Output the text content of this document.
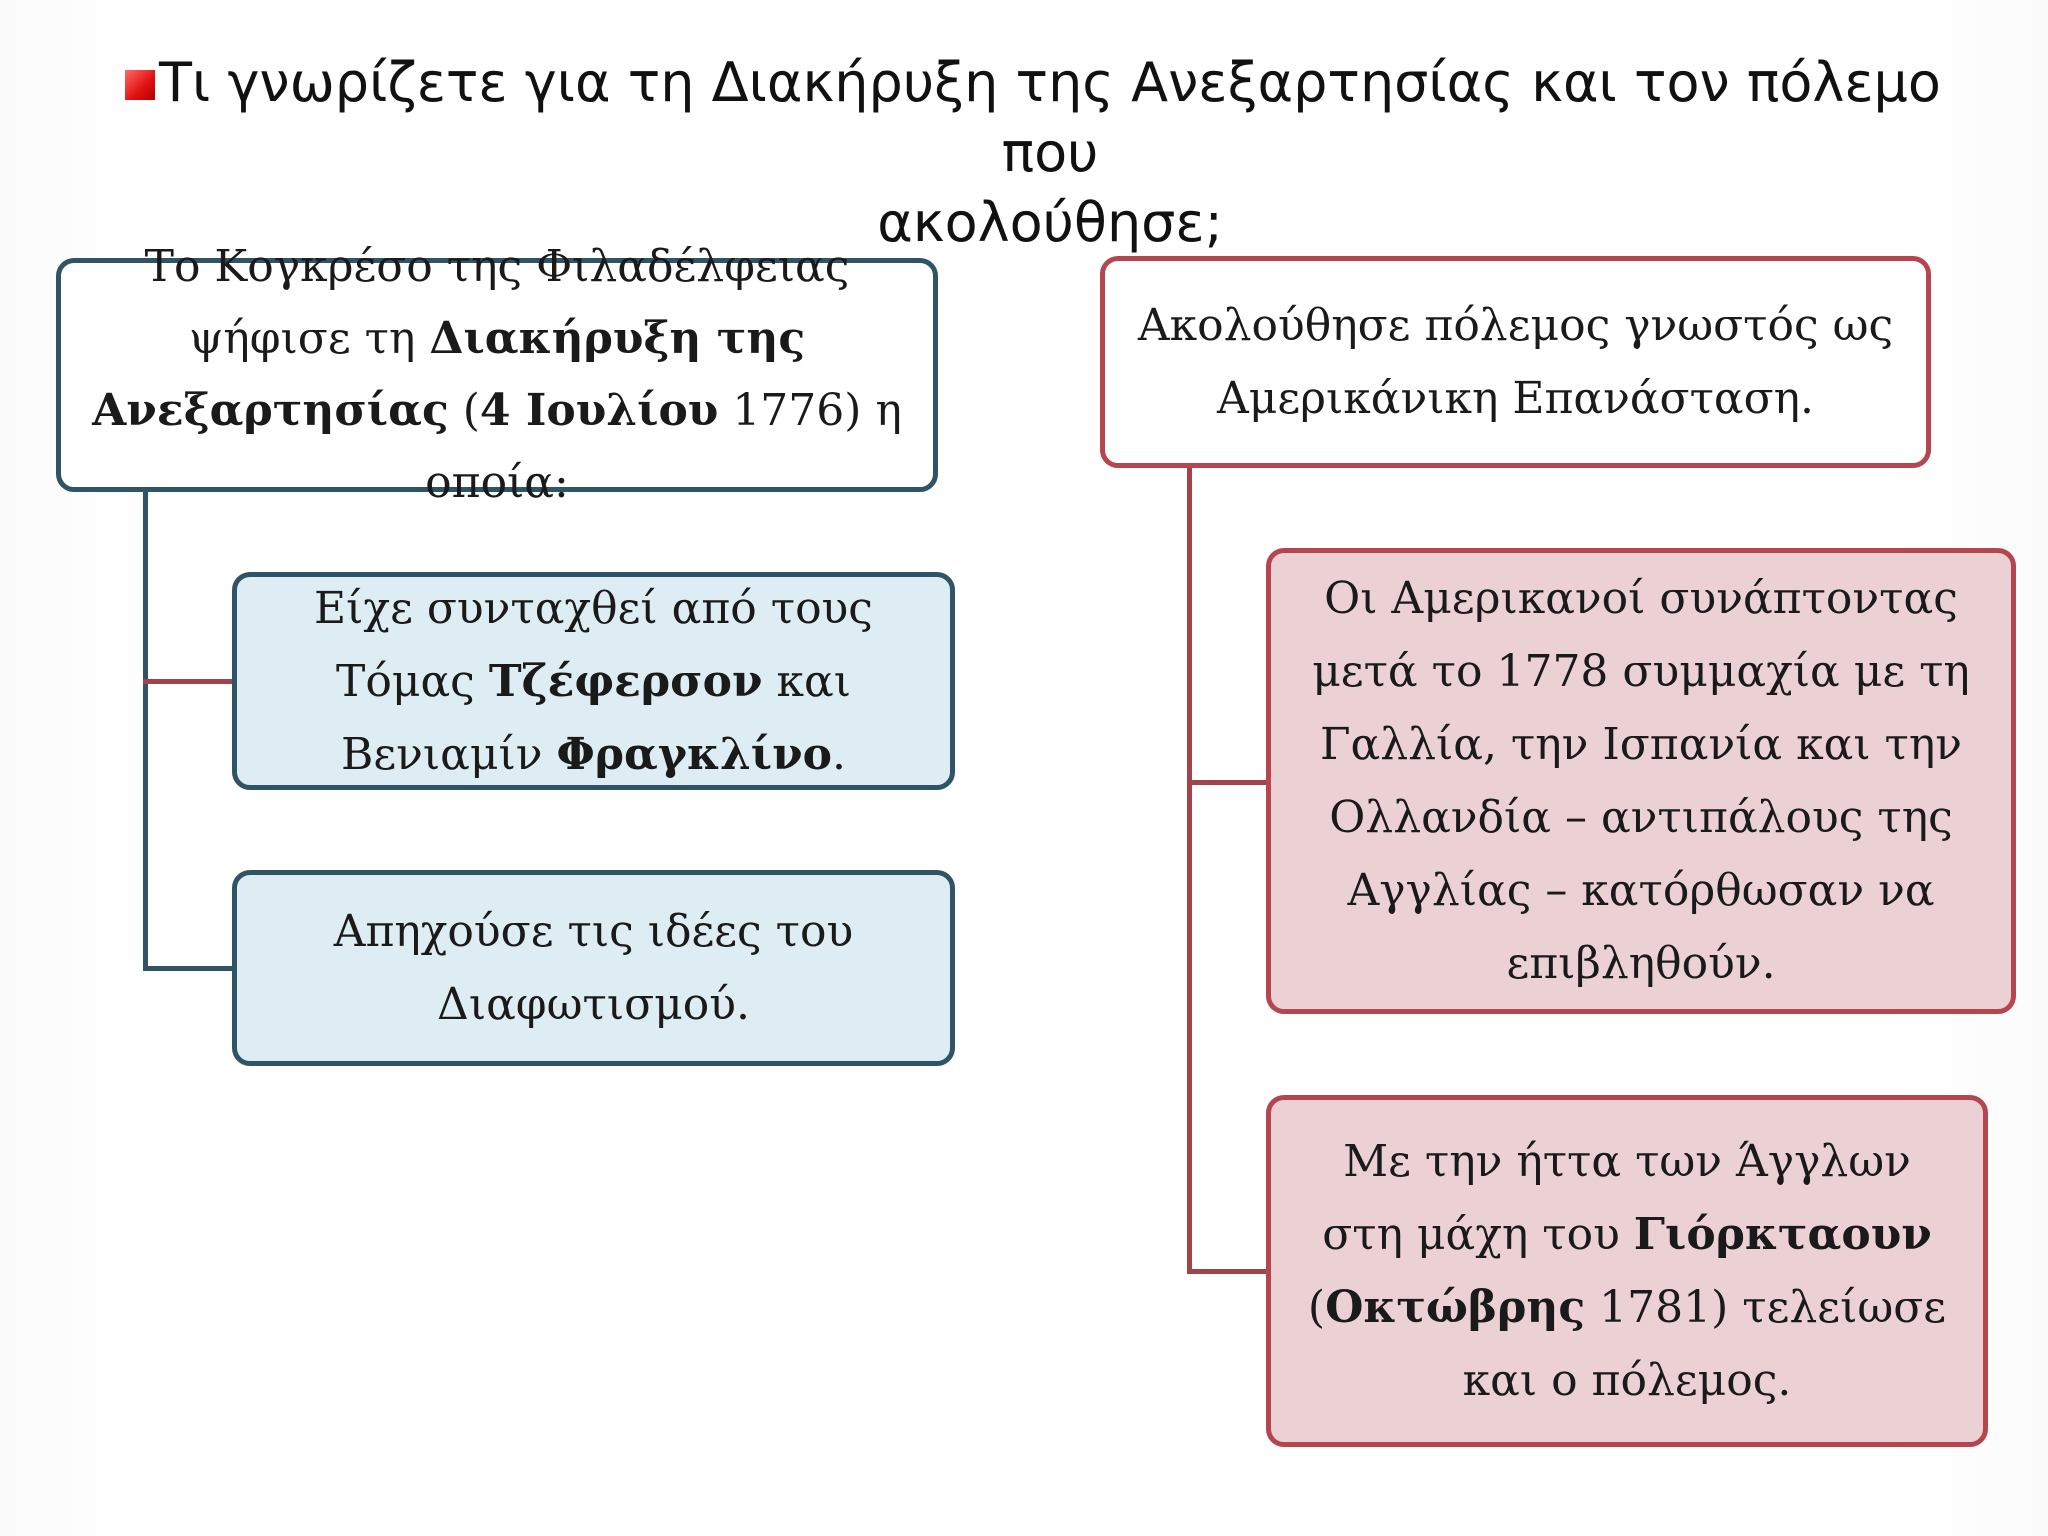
Τι γνωρίζετε για τη Διακήρυξη της Ανεξαρτησίας και τον πόλεμο που
ακολούθησε;
Το Κογκρέσο της Φιλαδέλφειας ψήφισε τη Διακήρυξη της Ανεξαρτησίας (4 Ιουλίου 1776) η οποία:
Είχε συνταχθεί από τους Τόμας Τζέφερσον και Βενιαμίν Φραγκλίνο.
Απηχούσε τις ιδέες του Διαφωτισμού.
Ακολούθησε πόλεμος γνωστός ως Αμερικάνικη Επανάσταση.
Οι Αμερικανοί συνάπτοντας μετά το 1778 συμμαχία με τη Γαλλία, την Ισπανία και την Ολλανδία – αντιπάλους της Αγγλίας – κατόρθωσαν να επιβληθούν.
Με την ήττα των Άγγλων στη μάχη του Γιόρκταουν (Οκτώβρης 1781) τελείωσε και ο πόλεμος.
